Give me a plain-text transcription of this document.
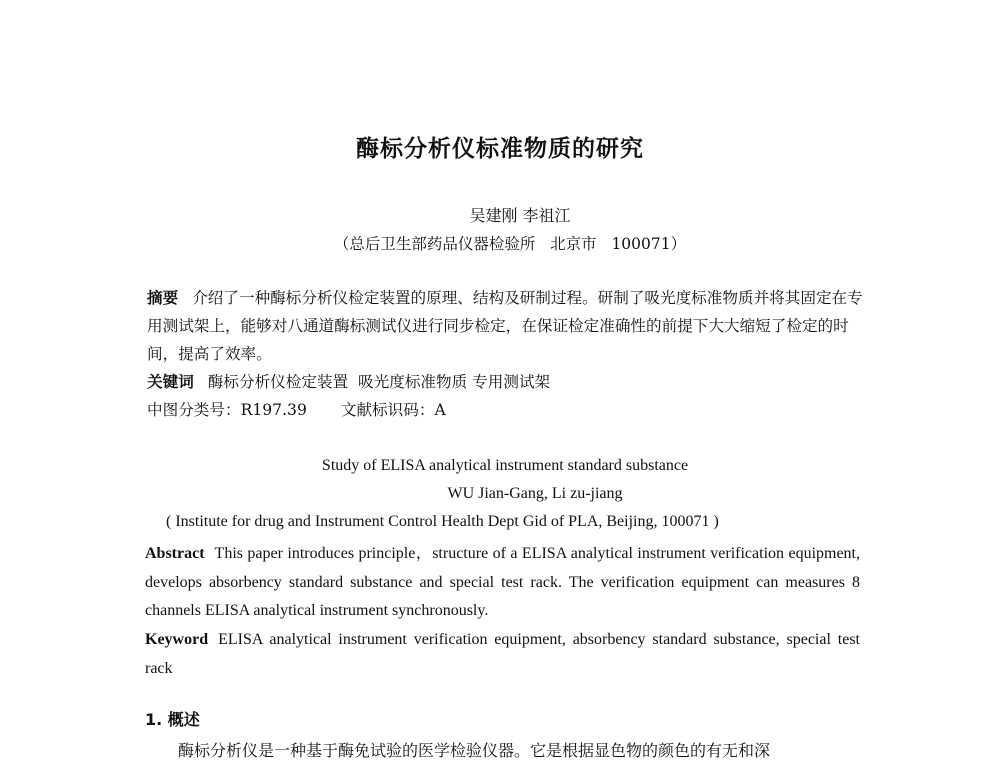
酶标分析仪标准物质的研究
吴建刚 李祖江
（总后卫生部药品仪器检验所   北京市   100071）
摘要 介绍了一种酶标分析仪检定装置的原理、结构及研制过程。研制了吸光度标准物质并将其固定在专用测试架上，能够对八通道酶标测试仪进行同步检定，在保证检定准确性的前提下大大缩短了检定的时间，提高了效率。
关键词 酶标分析仪检定装置  吸光度标准物质 专用测试架
中图分类号：R197.39 文献标识码：A
Study of ELISA analytical instrument standard substance
WU Jian-Gang, Li zu-jiang
( Institute for drug and Instrument Control Health Dept Gid of PLA, Beijing, 100071 )
Abstract This paper introduces principle，structure of a ELISA analytical instrument verification equipment, develops absorbency standard substance and special test rack. The verification equipment can measures 8 channels ELISA analytical instrument synchronously.
Keyword ELISA analytical instrument verification equipment, absorbency standard substance, special test rack
1. 概述
酶标分析仪是一种基于酶免试验的医学检验仪器。它是根据显色物的颜色的有无和深
